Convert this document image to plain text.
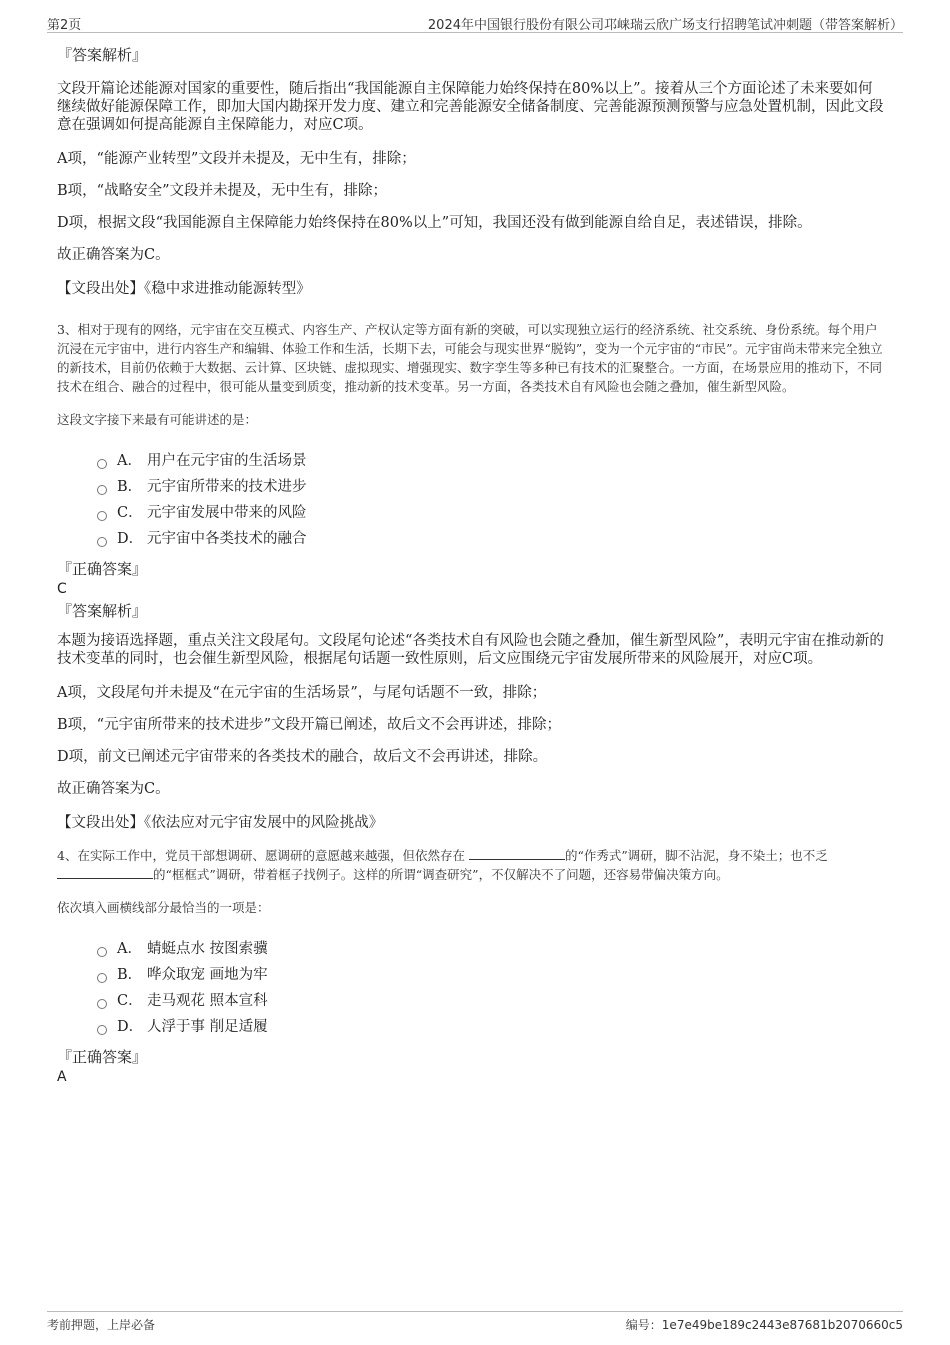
第2页	2024年中国银行股份有限公司邛崃瑞云欣广场支行招聘笔试冲刺题（带答案解析）

『答案解析』

文段开篇论述能源对国家的重要性，随后指出“我国能源自主保障能力始终保持在80%以上”。接着从三个方面论述了未来要如何继续做好能源保障工作，即加大国内勘探开发力度、建立和完善能源安全储备制度、完善能源预测预警与应急处置机制，因此文段意在强调如何提高能源自主保障能力，对应C项。

A项，“能源产业转型”文段并未提及，无中生有，排除；

B项，“战略安全”文段并未提及，无中生有，排除；

D项，根据文段“我国能源自主保障能力始终保持在80%以上”可知，我国还没有做到能源自给自足，表述错误，排除。

故正确答案为C。

【文段出处】《稳中求进推动能源转型》

3、相对于现有的网络，元宇宙在交互模式、内容生产、产权认定等方面有新的突破，可以实现独立运行的经济系统、社交系统、身份系统。每个用户沉浸在元宇宙中，进行内容生产和编辑、体验工作和生活，长期下去，可能会与现实世界“脱钩”，变为一个元宇宙的“市民”。元宇宙尚未带来完全独立的新技术，目前仍依赖于大数据、云计算、区块链、虚拟现实、增强现实、数字孪生等多种已有技术的汇聚整合。一方面，在场景应用的推动下，不同技术在组合、融合的过程中，很可能从量变到质变，推动新的技术变革。另一方面，各类技术自有风险也会随之叠加，催生新型风险。

这段文字接下来最有可能讲述的是：

A． 用户在元宇宙的生活场景
B． 元宇宙所带来的技术进步
C． 元宇宙发展中带来的风险
D． 元宇宙中各类技术的融合

『正确答案』

C

『答案解析』

本题为接语选择题，重点关注文段尾句。文段尾句论述“各类技术自有风险也会随之叠加，催生新型风险”，表明元宇宙在推动新的技术变革的同时，也会催生新型风险，根据尾句话题一致性原则，后文应围绕元宇宙发展所带来的风险展开，对应C项。

A项，文段尾句并未提及“在元宇宙的生活场景”，与尾句话题不一致，排除；

B项，“元宇宙所带来的技术进步”文段开篇已阐述，故后文不会再讲述，排除；

D项，前文已阐述元宇宙带来的各类技术的融合，故后文不会再讲述，排除。

故正确答案为C。

【文段出处】《依法应对元宇宙发展中的风险挑战》

4、在实际工作中，党员干部想调研、愿调研的意愿越来越强，但依然存在	的“作秀式”调研，脚不沾泥，身不染土；也不乏的“框框式”调研，带着框子找例子。这样的所谓“调查研究”，不仅解决不了问题，还容易带偏决策方向。

依次填入画横线部分最恰当的一项是：

A． 蜻蜓点水 按图索骥
B． 哗众取宠 画地为牢
C． 走马观花 照本宣科
D． 人浮于事 削足适履

『正确答案』

A

考前押题，上岸必备	编号：1e7e49be189c2443e87681b2070660c5
